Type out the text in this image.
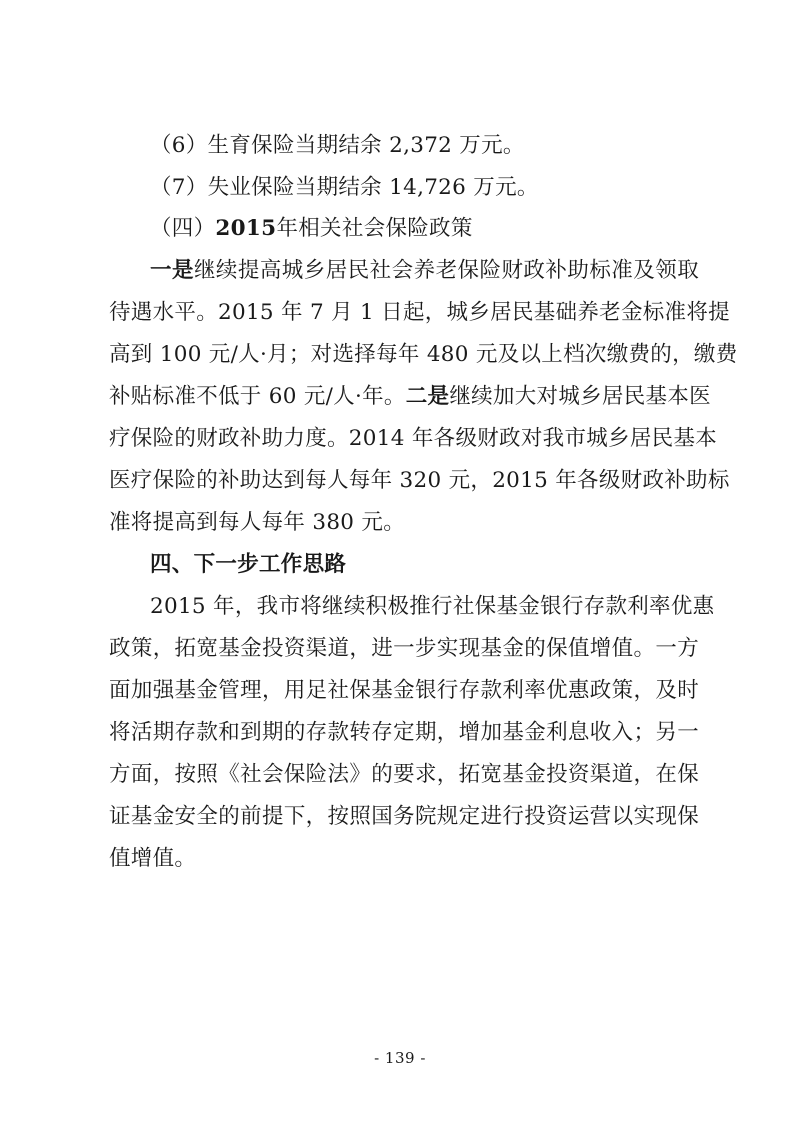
（6）生育保险当期结余 2,372 万元。
（7）失业保险当期结余 14,726 万元。
（四）2015年相关社会保险政策
一是继续提高城乡居民社会养老保险财政补助标准及领取
待遇水平。2015 年 7 月 1 日起，城乡居民基础养老金标准将提
高到 100 元/人·月；对选择每年 480 元及以上档次缴费的，缴费
补贴标准不低于 60 元/人·年。二是继续加大对城乡居民基本医
疗保险的财政补助力度。2014 年各级财政对我市城乡居民基本
医疗保险的补助达到每人每年 320 元，2015 年各级财政补助标
准将提高到每人每年 380 元。
四、下一步工作思路
2015 年，我市将继续积极推行社保基金银行存款利率优惠
政策，拓宽基金投资渠道，进一步实现基金的保值增值。一方
面加强基金管理，用足社保基金银行存款利率优惠政策，及时
将活期存款和到期的存款转存定期，增加基金利息收入；另一
方面，按照《社会保险法》的要求，拓宽基金投资渠道，在保
证基金安全的前提下，按照国务院规定进行投资运营以实现保
值增值。
- 139 -
